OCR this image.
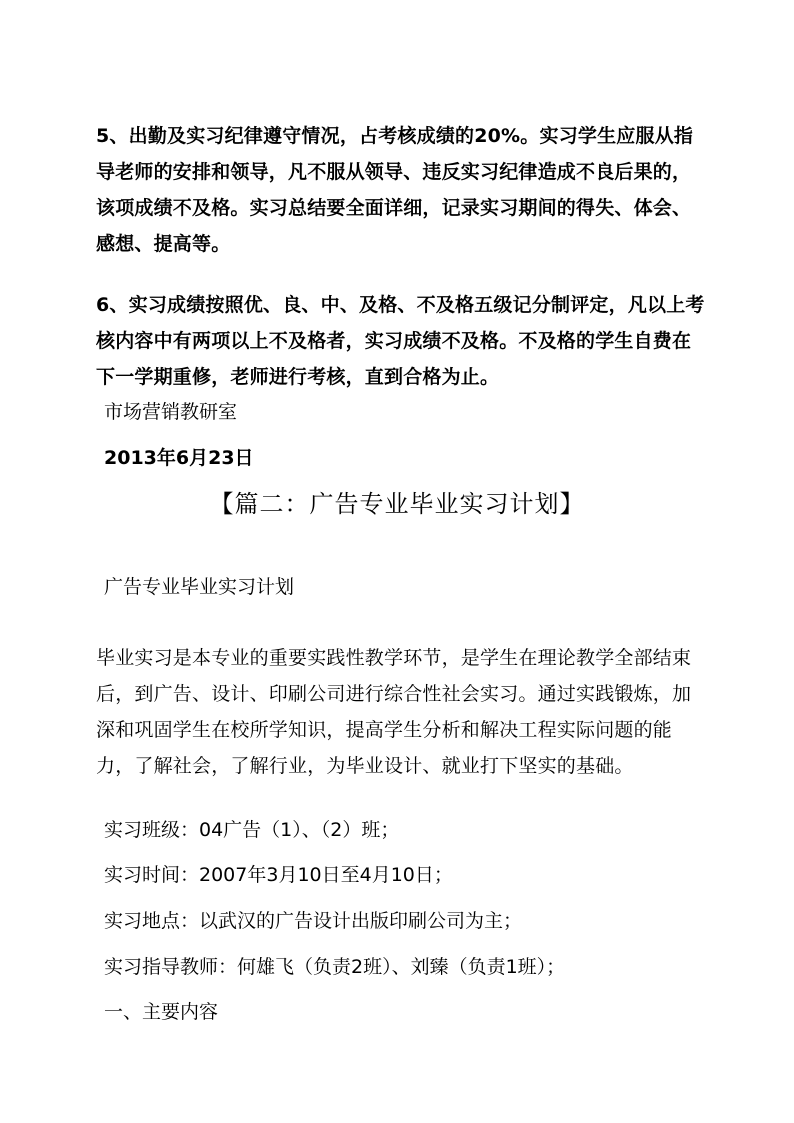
5、出勤及实习纪律遵守情况，占考核成绩的20%。实习学生应服从指导老师的安排和领导，凡不服从领导、违反实习纪律造成不良后果的，该项成绩不及格。实习总结要全面详细，记录实习期间的得失、体会、感想、提高等。
6、实习成绩按照优、良、中、及格、不及格五级记分制评定，凡以上考核内容中有两项以上不及格者，实习成绩不及格。不及格的学生自费在下一学期重修，老师进行考核，直到合格为止。
市场营销教研室
2013年6月23日
【篇二：广告专业毕业实习计划】
广告专业毕业实习计划
毕业实习是本专业的重要实践性教学环节，是学生在理论教学全部结束后，到广告、设计、印刷公司进行综合性社会实习。通过实践锻炼，加深和巩固学生在校所学知识，提高学生分析和解决工程实际问题的能力，了解社会，了解行业，为毕业设计、就业打下坚实的基础。
实习班级：04广告（1）、（2）班；
实习时间：2007年3月10日至4月10日；
实习地点：以武汉的广告设计出版印刷公司为主；
实习指导教师：何雄飞（负责2班）、刘臻（负责1班）；
一、主要内容
